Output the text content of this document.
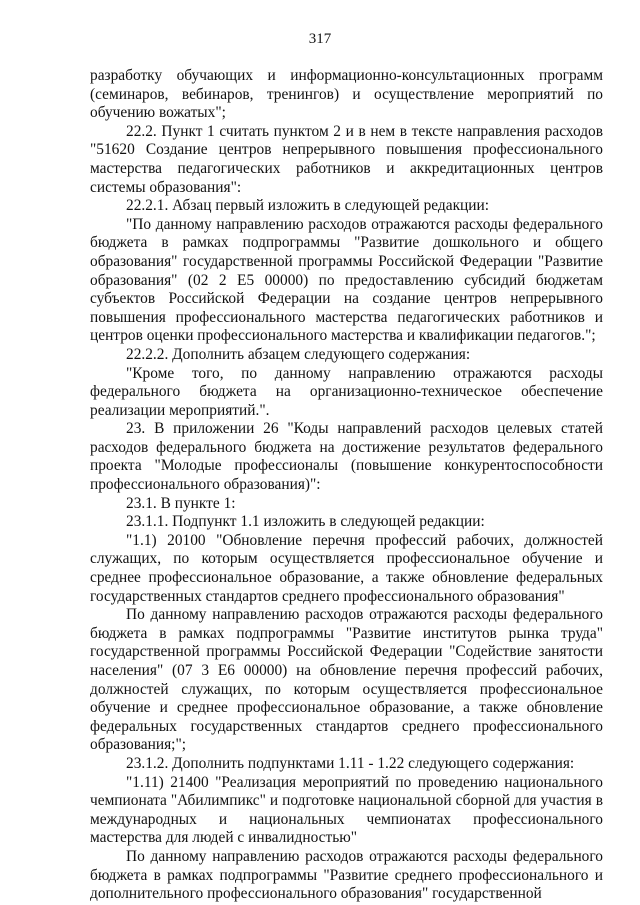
317

разработку обучающих и информационно-консультационных программ (семинаров, вебинаров, тренингов) и осуществление мероприятий по обучению вожатых";

22.2. Пункт 1 считать пунктом 2 и в нем в тексте направления расходов "51620 Создание центров непрерывного повышения профессионального мастерства педагогических работников и аккредитационных центров системы образования":

22.2.1. Абзац первый изложить в следующей редакции:

"По данному направлению расходов отражаются расходы федерального бюджета в рамках подпрограммы "Развитие дошкольного и общего образования" государственной программы Российской Федерации "Развитие образования" (02 2 E5 00000) по предоставлению субсидий бюджетам субъектов Российской Федерации на создание центров непрерывного повышения профессионального мастерства педагогических работников и центров оценки профессионального мастерства и квалификации педагогов.";

22.2.2. Дополнить абзацем следующего содержания:

"Кроме того, по данному направлению отражаются расходы федерального бюджета на организационно-техническое обеспечение реализации мероприятий.".

23. В приложении 26 "Коды направлений расходов целевых статей расходов федерального бюджета на достижение результатов федерального проекта "Молодые профессионалы (повышение конкурентоспособности профессионального образования)":

23.1. В пункте 1:

23.1.1. Подпункт 1.1 изложить в следующей редакции:

"1.1) 20100 "Обновление перечня профессий рабочих, должностей служащих, по которым осуществляется профессиональное обучение и среднее профессиональное образование, а также обновление федеральных государственных стандартов среднего профессионального образования"

По данному направлению расходов отражаются расходы федерального бюджета в рамках подпрограммы "Развитие институтов рынка труда" государственной программы Российской Федерации "Содействие занятости населения" (07 3 E6 00000) на обновление перечня профессий рабочих, должностей служащих, по которым осуществляется профессиональное обучение и среднее профессиональное образование, а также обновление федеральных государственных стандартов среднего профессионального образования;";

23.1.2. Дополнить подпунктами 1.11 - 1.22 следующего содержания:

"1.11) 21400 "Реализация мероприятий по проведению национального чемпионата "Абилимпикс" и подготовке национальной сборной для участия в международных и национальных чемпионатах профессионального мастерства для людей с инвалидностью"

По данному направлению расходов отражаются расходы федерального бюджета в рамках подпрограммы "Развитие среднего профессионального и дополнительного профессионального образования" государственной
